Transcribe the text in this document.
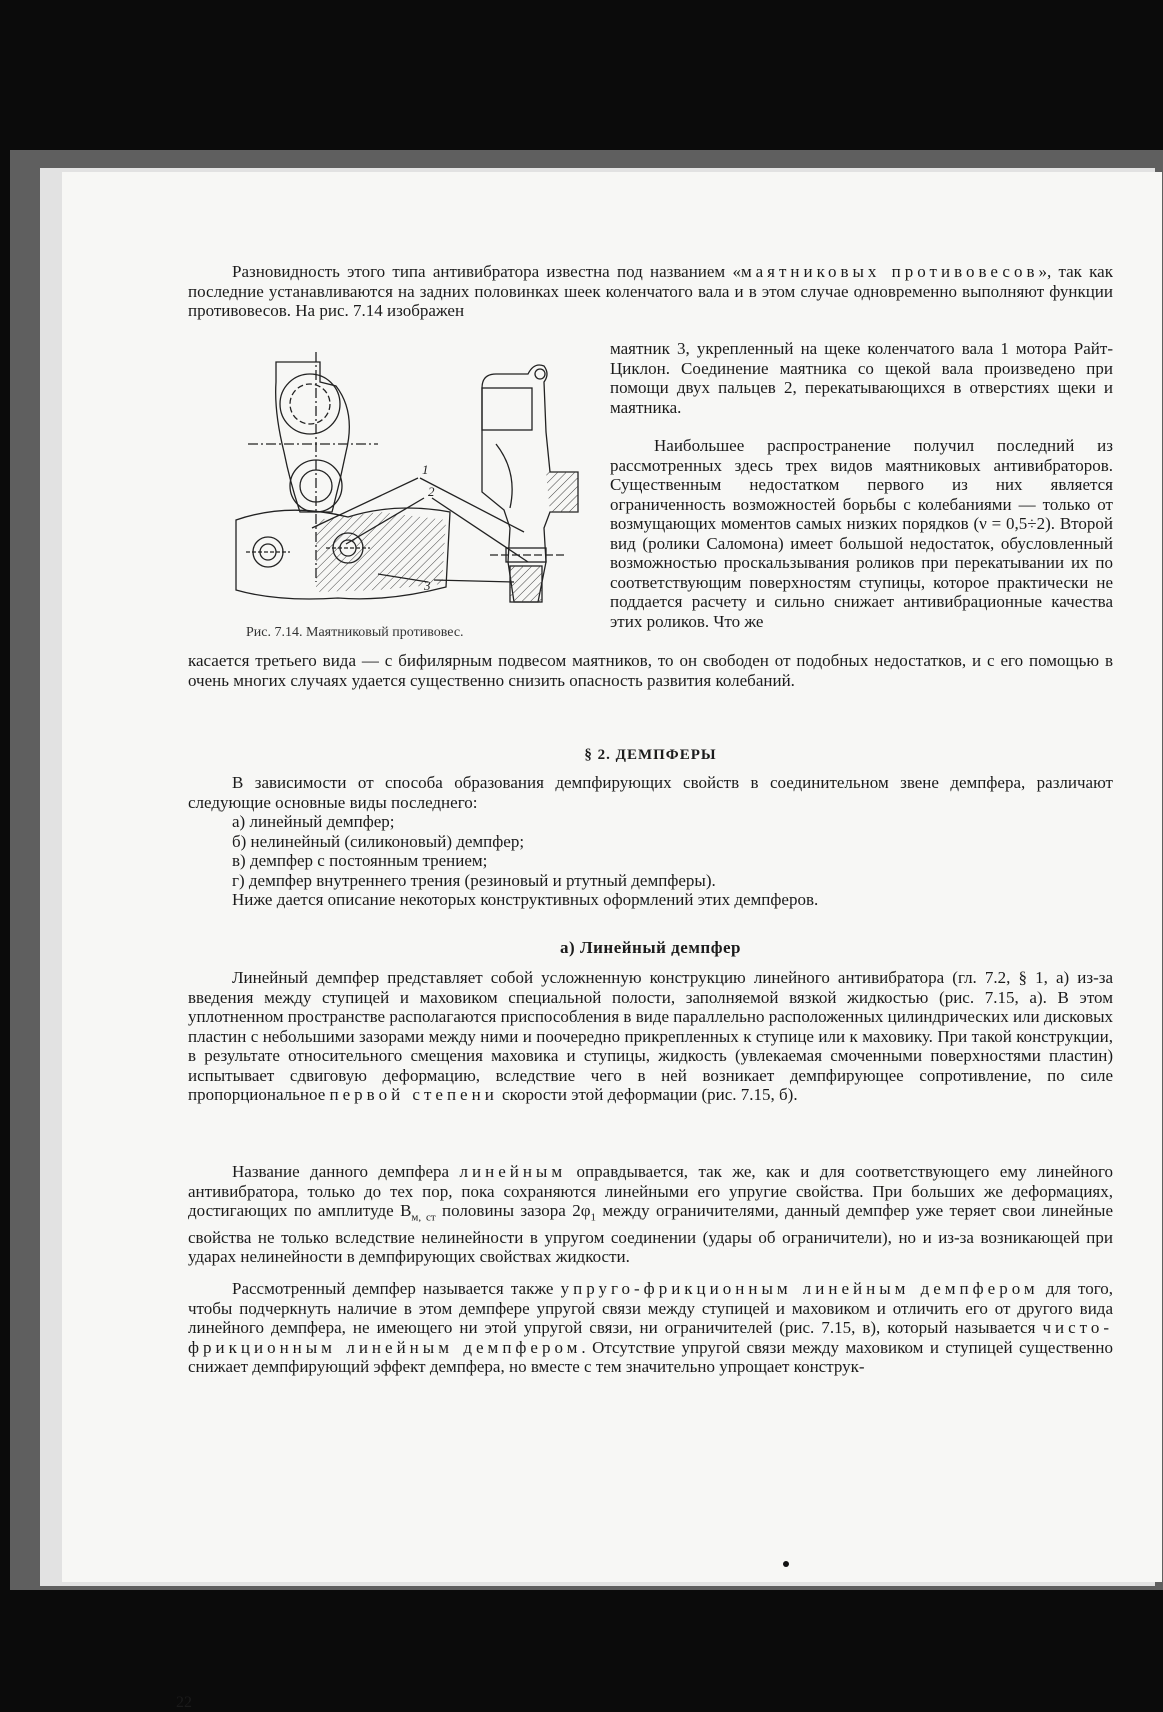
Разновидность этого типа антивибратора известна под названием «маятниковых противовесов», так как последние устанавливаются на задних половинках шеек коленчатого вала и в этом случае одновременно выполняют функции противовесов. На рис. 7.14 изображен

1
2
3
Рис. 7.14. Маятниковый противовес.

маятник 3, укрепленный на щеке коленчатого вала 1 мотора Райт-Циклон. Соединение маятника со щекой вала произведено при помощи двух пальцев 2, перекатывающихся в отверстиях щеки и маятника.

Наибольшее распространение получил последний из рассмотренных здесь трех видов маятниковых антивибраторов. Существенным недостатком первого из них является ограниченность возможностей борьбы с колебаниями — только от возмущающих моментов самых низких порядков (ν = 0,5÷2). Второй вид (ролики Саломона) имеет большой недостаток, обусловленный возможностью проскальзывания роликов при перекатывании их по соответствующим поверхностям ступицы, которое практически не поддается расчету и сильно снижает антивибрационные качества этих роликов. Что же

касается третьего вида — с бифилярным подвесом маятников, то он свободен от подобных недостатков, и с его помощью в очень многих случаях удается существенно снизить опасность развития колебаний.

§ 2. ДЕМПФЕРЫ

В зависимости от способа образования демпфирующих свойств в соединительном звене демпфера, различают следующие основные виды последнего:

а) линейный демпфер;
б) нелинейный (силиконовый) демпфер;
в) демпфер с постоянным трением;
г) демпфер внутреннего трения (резиновый и ртутный демпферы).

Ниже дается описание некоторых конструктивных оформлений этих демпферов.

а) Линейный демпфер

Линейный демпфер представляет собой усложненную конструкцию линейного антивибратора (гл. 7.2, § 1, а) из-за введения между ступицей и маховиком специальной полости, заполняемой вязкой жидкостью (рис. 7.15, а). В этом уплотненном пространстве располагаются приспособления в виде параллельно расположенных цилиндрических или дисковых пластин с небольшими зазорами между ними и поочередно прикрепленных к ступице или к маховику. При такой конструкции, в результате относительного смещения маховика и ступицы, жидкость (увлекаемая смоченными поверхностями пластин) испытывает сдвиговую деформацию, вследствие чего в ней возникает демпфирующее сопротивление, по силе пропорциональное первой степени скорости этой деформации (рис. 7.15, б).

Название данного демпфера линейным оправдывается, так же, как и для соответствующего ему линейного антивибратора, только до тех пор, пока сохраняются линейными его упругие свойства. При больших же деформациях, достигающих по амплитуде $В_{м, ст}$ половины зазора $2\varphi_1$ между ограничителями, данный демпфер уже теряет свои линейные свойства не только вследствие нелинейности в упругом соединении (удары об ограничители), но и из-за возникающей при ударах нелинейности в демпфирующих свойствах жидкости.

Рассмотренный демпфер называется также упруго-фрикционным линейным демпфером для того, чтобы подчеркнуть наличие в этом демпфере упругой связи между ступицей и маховиком и отличить его от другого вида линейного демпфера, не имеющего ни этой упругой связи, ни ограничителей (рис. 7.15, в), который называется чисто-фрикционным линейным демпфером. Отсутствие упругой связи между маховиком и ступицей существенно снижает демпфирующий эффект демпфера, но вместе с тем значительно упрощает конструк-

22
